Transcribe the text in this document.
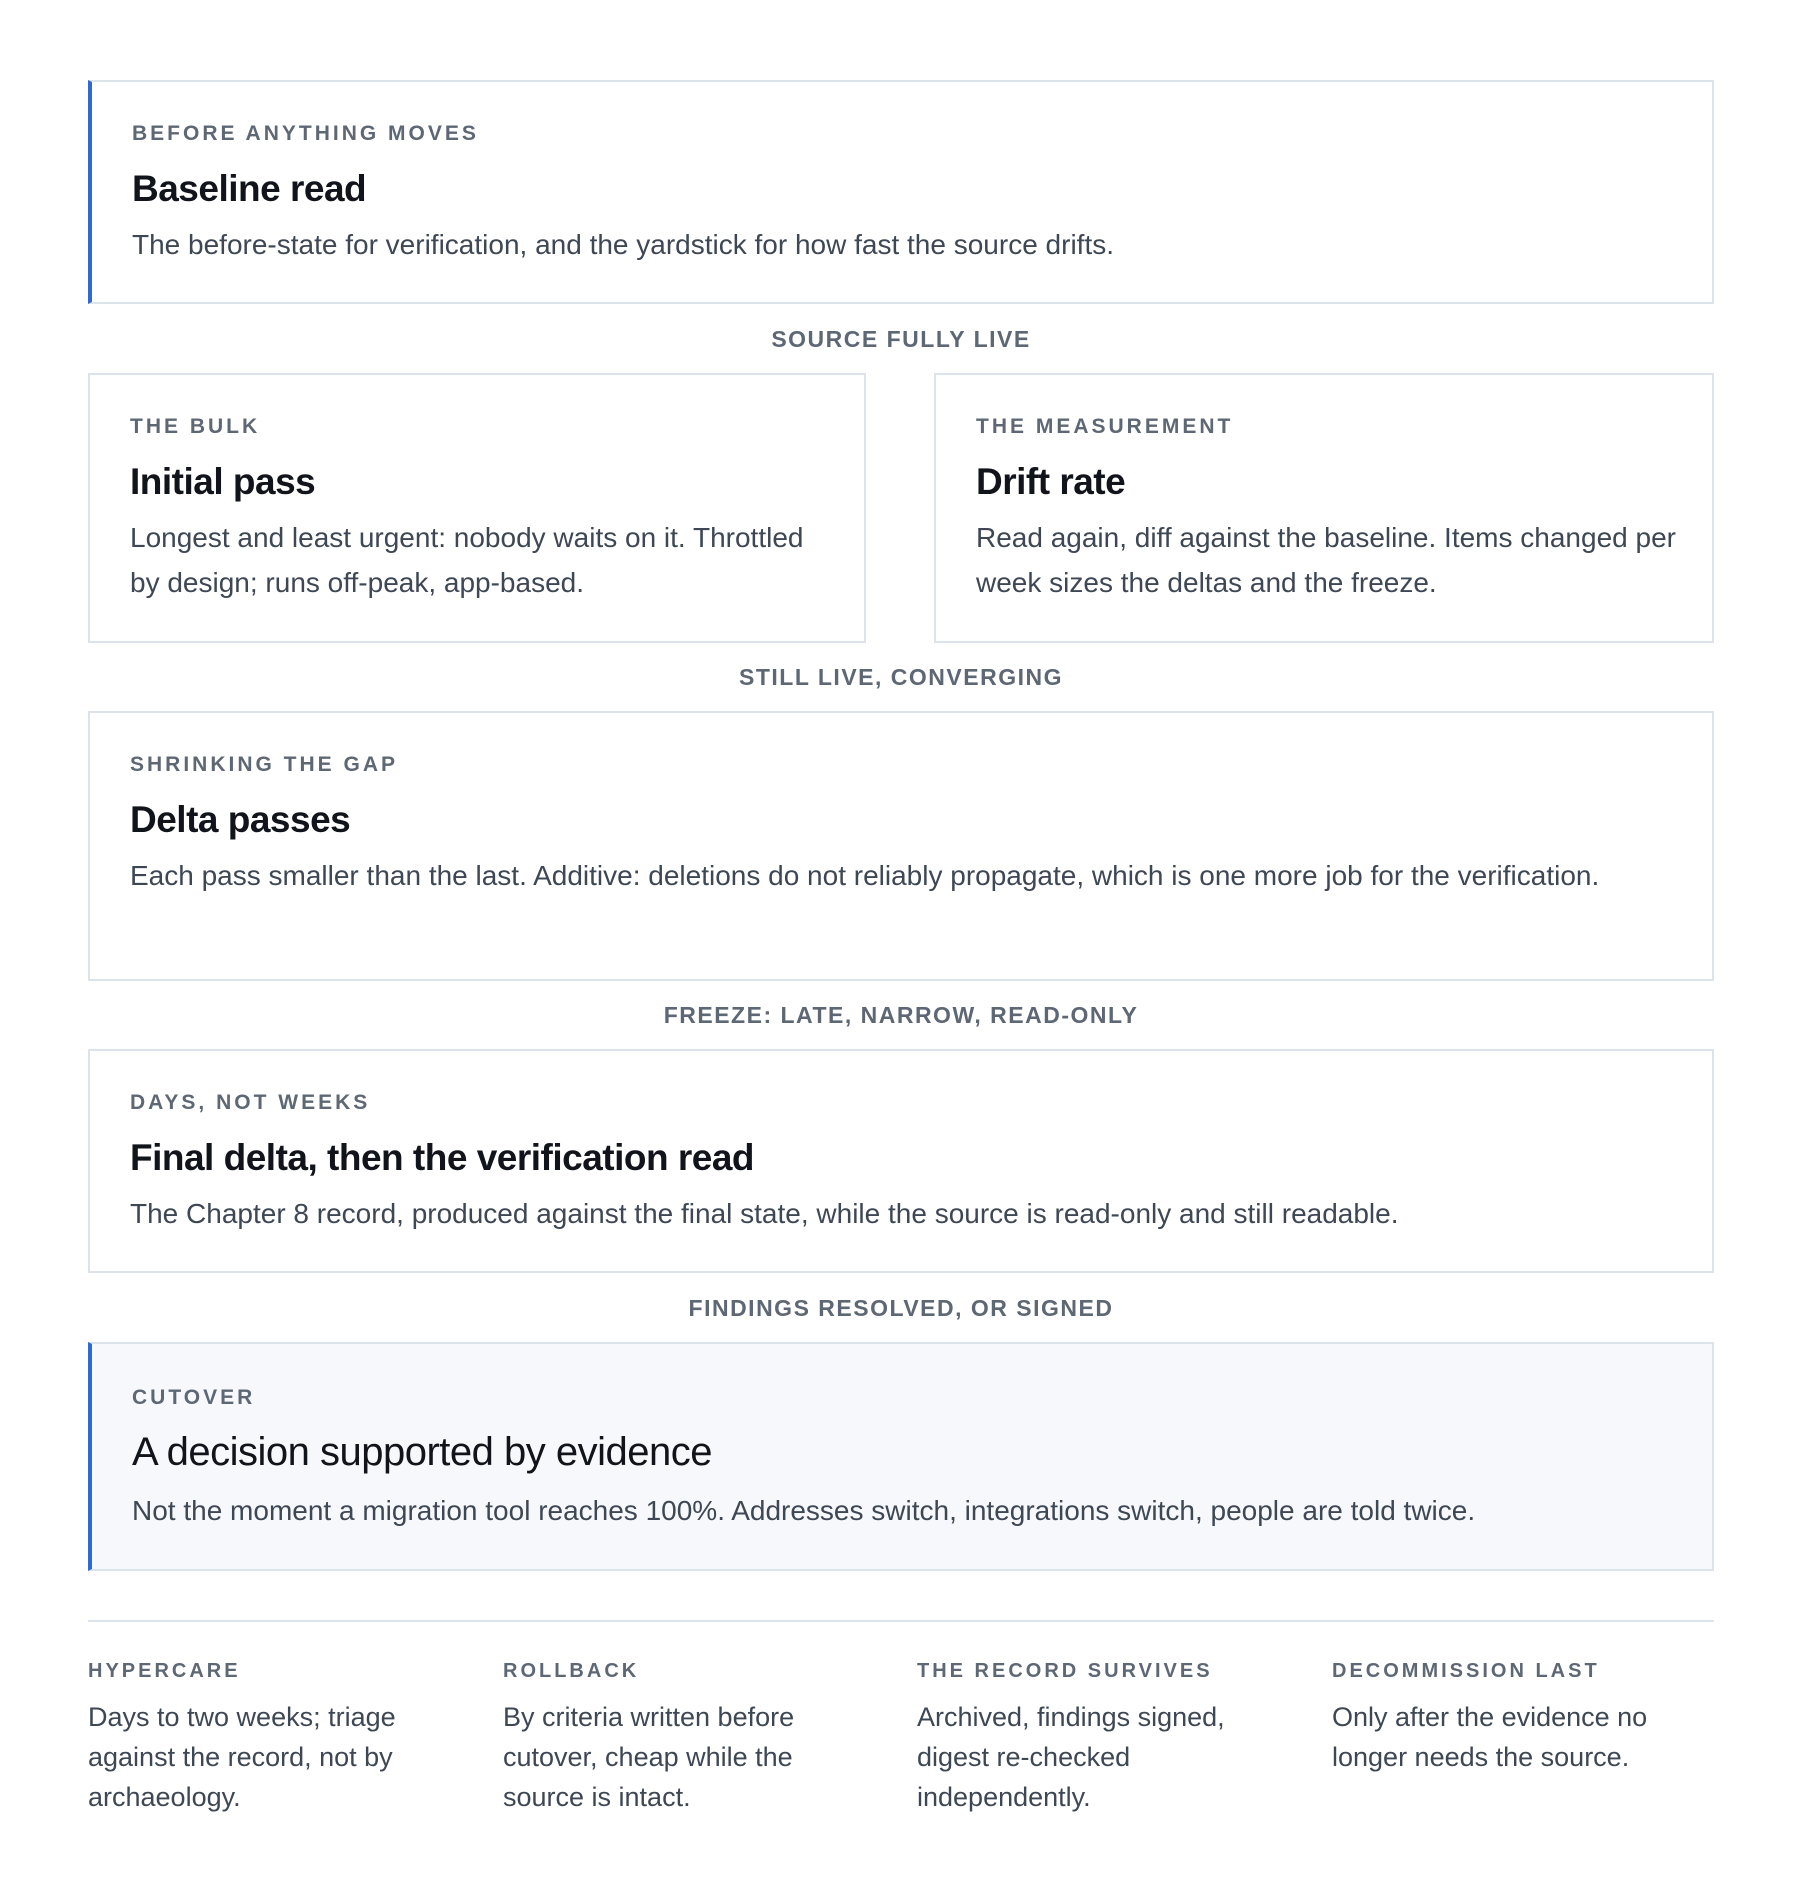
BEFORE ANYTHING MOVES
Baseline read
The before-state for verification, and the yardstick for how fast the source drifts.
SOURCE FULLY LIVE
THE BULK
Initial pass
Longest and least urgent: nobody waits on it. Throttled by design; runs off-peak, app-based.
THE MEASUREMENT
Drift rate
Read again, diff against the baseline. Items changed per week sizes the deltas and the freeze.
STILL LIVE, CONVERGING
SHRINKING THE GAP
Delta passes
Each pass smaller than the last. Additive: deletions do not reliably propagate, which is one more job for the verification.
FREEZE: LATE, NARROW, READ-ONLY
DAYS, NOT WEEKS
Final delta, then the verification read
The Chapter 8 record, produced against the final state, while the source is read-only and still readable.
FINDINGS RESOLVED, OR SIGNED
CUTOVER
A decision supported by evidence
Not the moment a migration tool reaches 100%. Addresses switch, integrations switch, people are told twice.
HYPERCARE
Days to two weeks; triage against the record, not by archaeology.
ROLLBACK
By criteria written before cutover, cheap while the source is intact.
THE RECORD SURVIVES
Archived, findings signed, digest re-checked independently.
DECOMMISSION LAST
Only after the evidence no longer needs the source.
